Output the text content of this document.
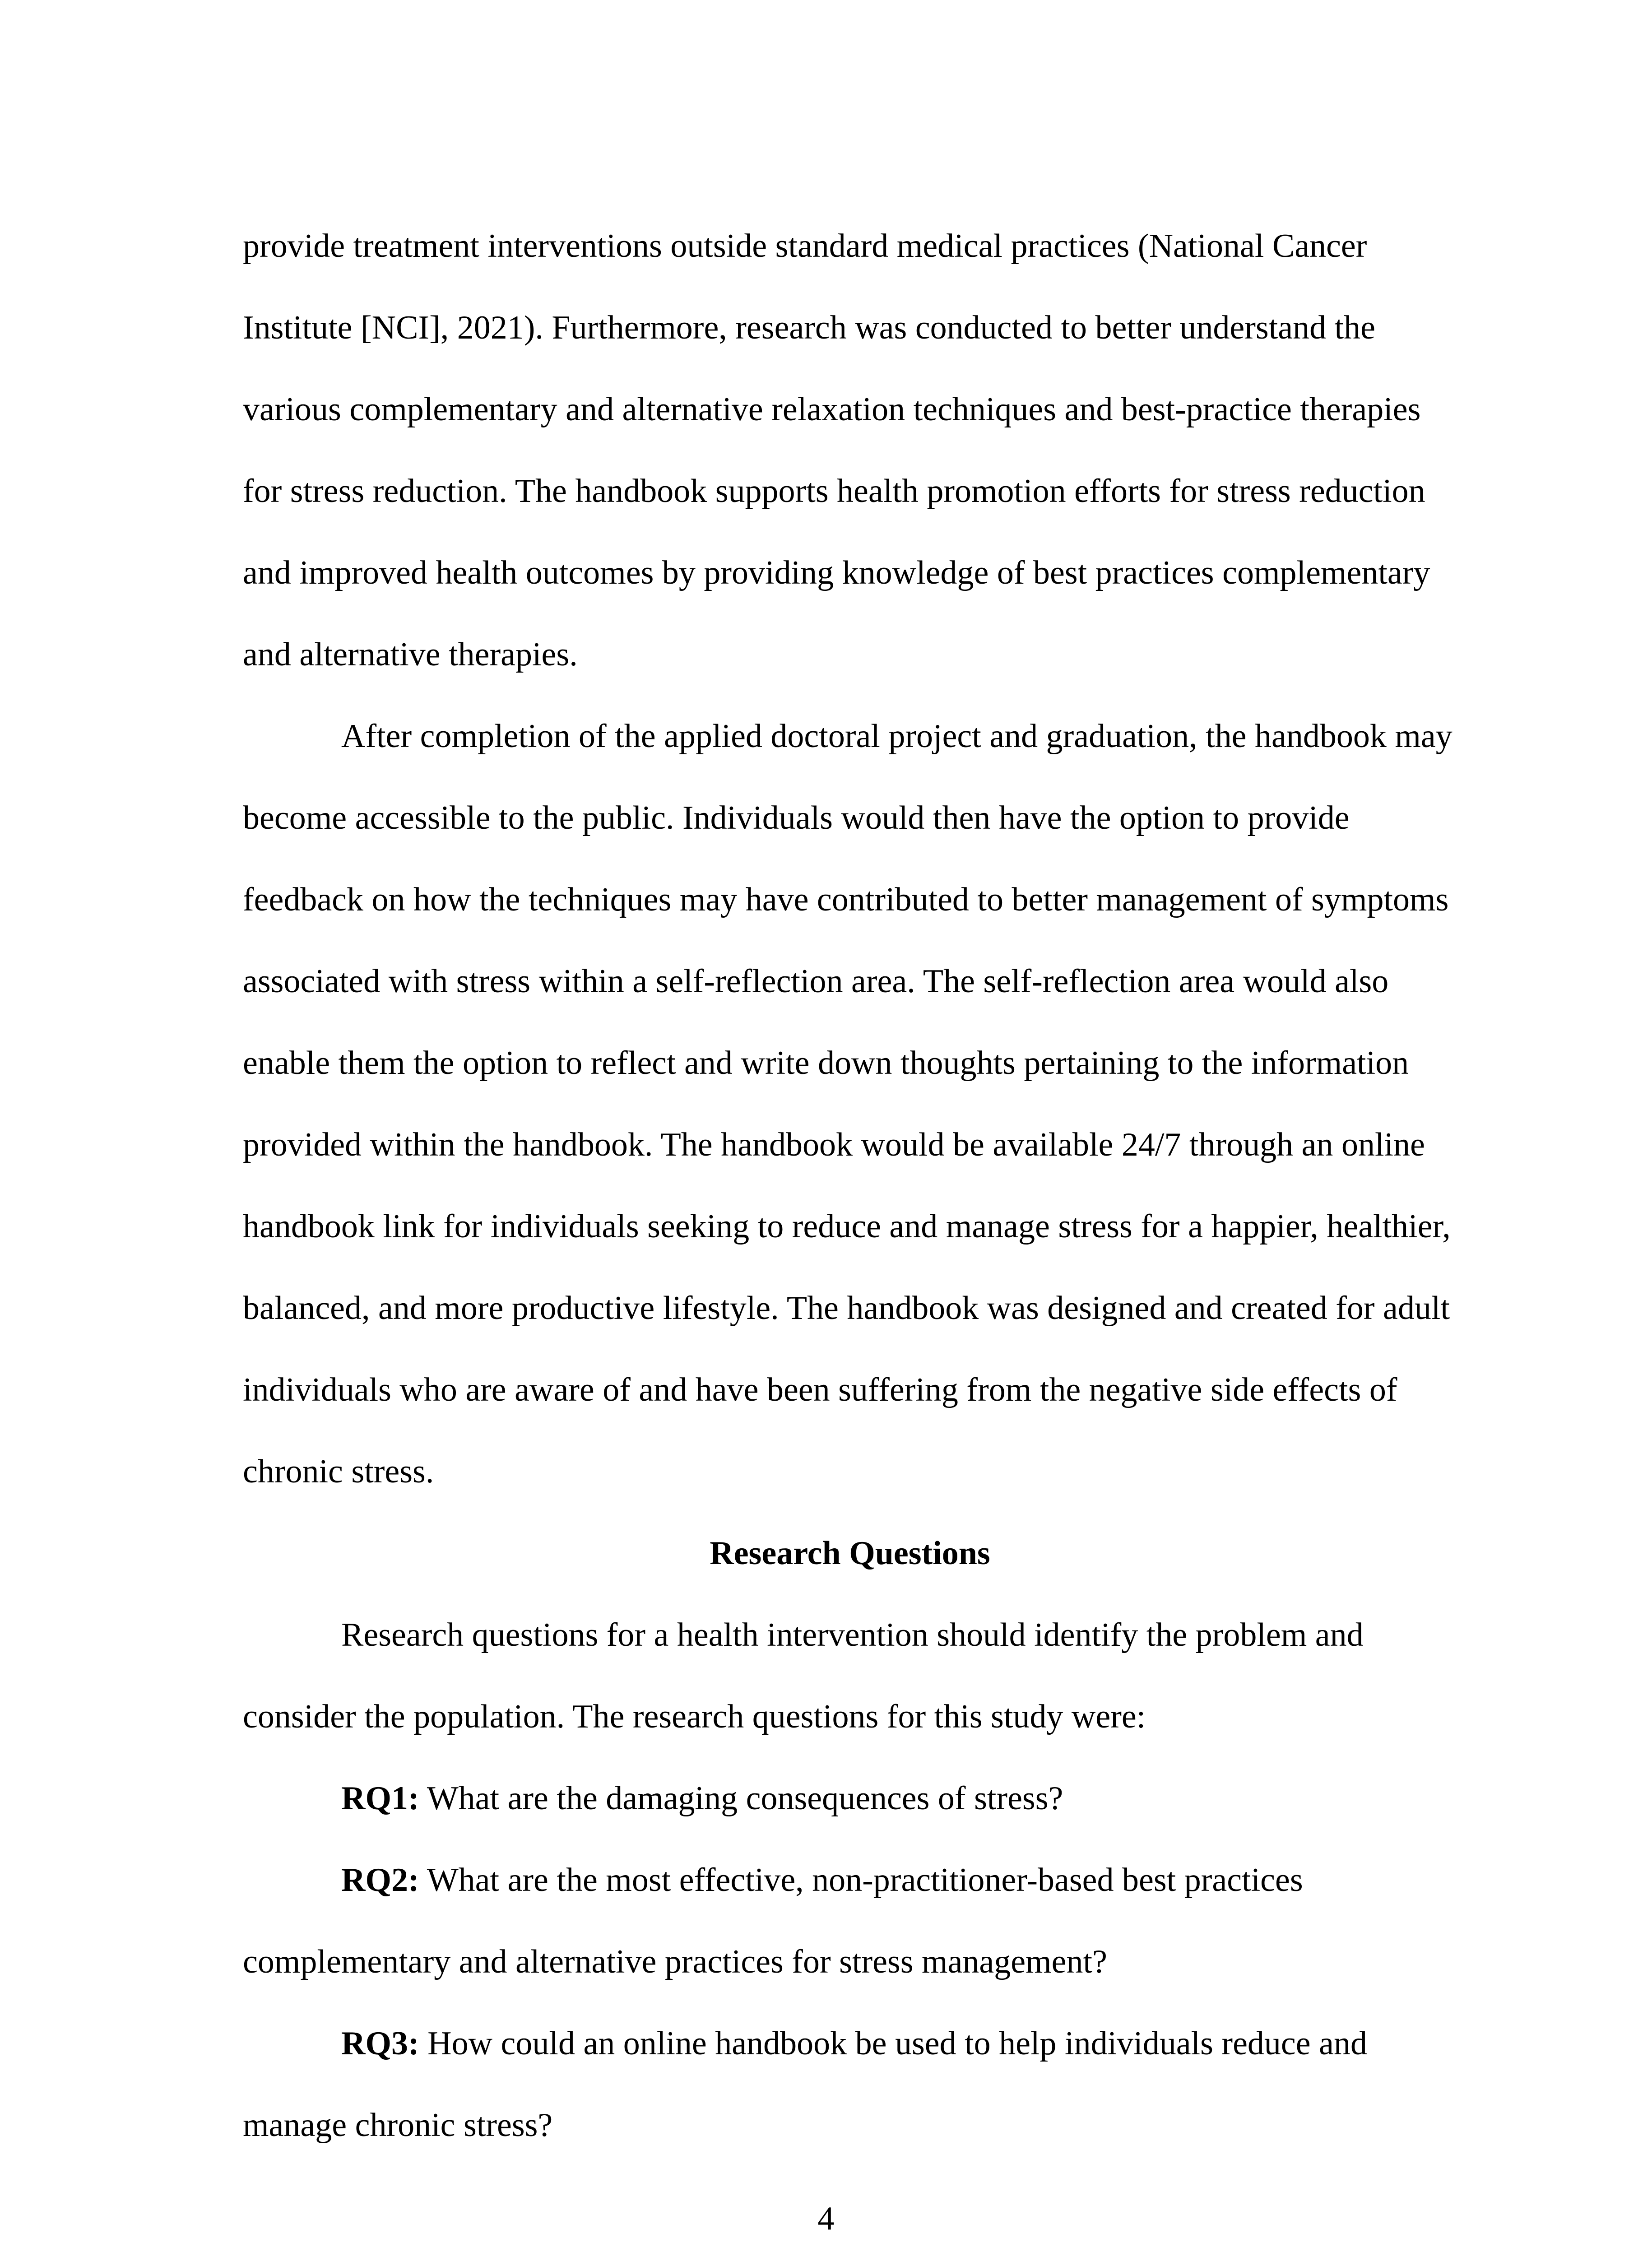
provide treatment interventions outside standard medical practices (National Cancer Institute [NCI], 2021). Furthermore, research was conducted to better understand the various complementary and alternative relaxation techniques and best-practice therapies for stress reduction. The handbook supports health promotion efforts for stress reduction and improved health outcomes by providing knowledge of best practices complementary and alternative therapies.

After completion of the applied doctoral project and graduation, the handbook may become accessible to the public. Individuals would then have the option to provide feedback on how the techniques may have contributed to better management of symptoms associated with stress within a self-reflection area. The self-reflection area would also enable them the option to reflect and write down thoughts pertaining to the information provided within the handbook. The handbook would be available 24/7 through an online handbook link for individuals seeking to reduce and manage stress for a happier, healthier, balanced, and more productive lifestyle. The handbook was designed and created for adult individuals who are aware of and have been suffering from the negative side effects of chronic stress.

Research Questions

Research questions for a health intervention should identify the problem and consider the population. The research questions for this study were:

RQ1: What are the damaging consequences of stress?

RQ2: What are the most effective, non-practitioner-based best practices complementary and alternative practices for stress management?

RQ3: How could an online handbook be used to help individuals reduce and manage chronic stress?

4
